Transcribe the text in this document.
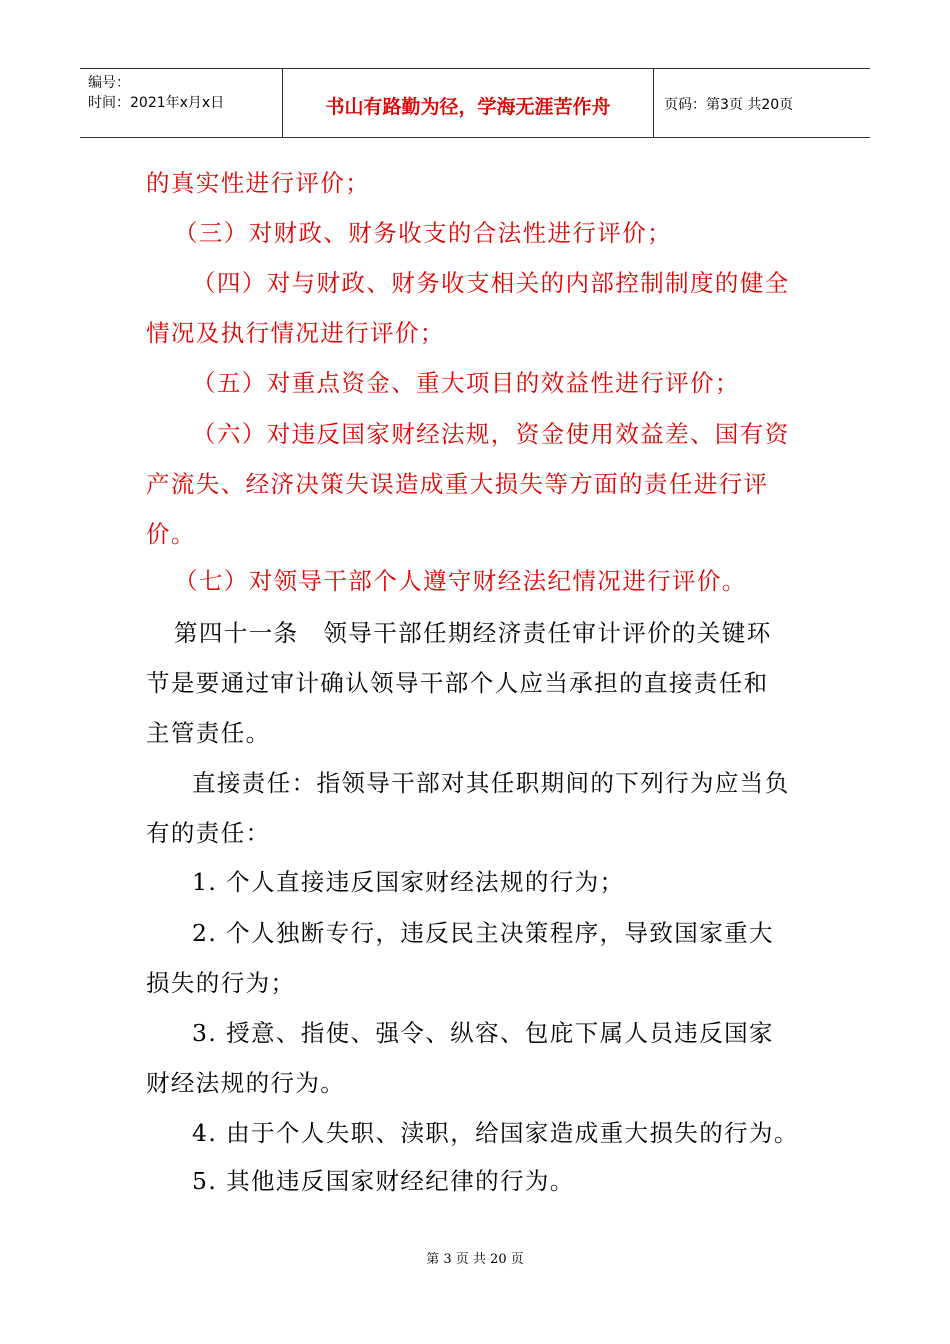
编号：
时间：2021年x月x日	书山有路勤为径，学海无涯苦作舟	页码：第3页 共20页
的真实性进行评价；
（三）对财政、财务收支的合法性进行评价；
（四）对与财政、财务收支相关的内部控制制度的健全
情况及执行情况进行评价；
（五）对重点资金、重大项目的效益性进行评价；
（六）对违反国家财经法规，资金使用效益差、国有资
产流失、经济决策失误造成重大损失等方面的责任进行评
价。
（七）对领导干部个人遵守财经法纪情况进行评价。
第四十一条　领导干部任期经济责任审计评价的关键环
节是要通过审计确认领导干部个人应当承担的直接责任和
主管责任。
直接责任：指领导干部对其任职期间的下列行为应当负
有的责任：
1. 个人直接违反国家财经法规的行为；
2. 个人独断专行，违反民主决策程序，导致国家重大
损失的行为；
3. 授意、指使、强令、纵容、包庇下属人员违反国家
财经法规的行为。
4. 由于个人失职、渎职，给国家造成重大损失的行为。
5. 其他违反国家财经纪律的行为。
第 3 页 共 20 页
